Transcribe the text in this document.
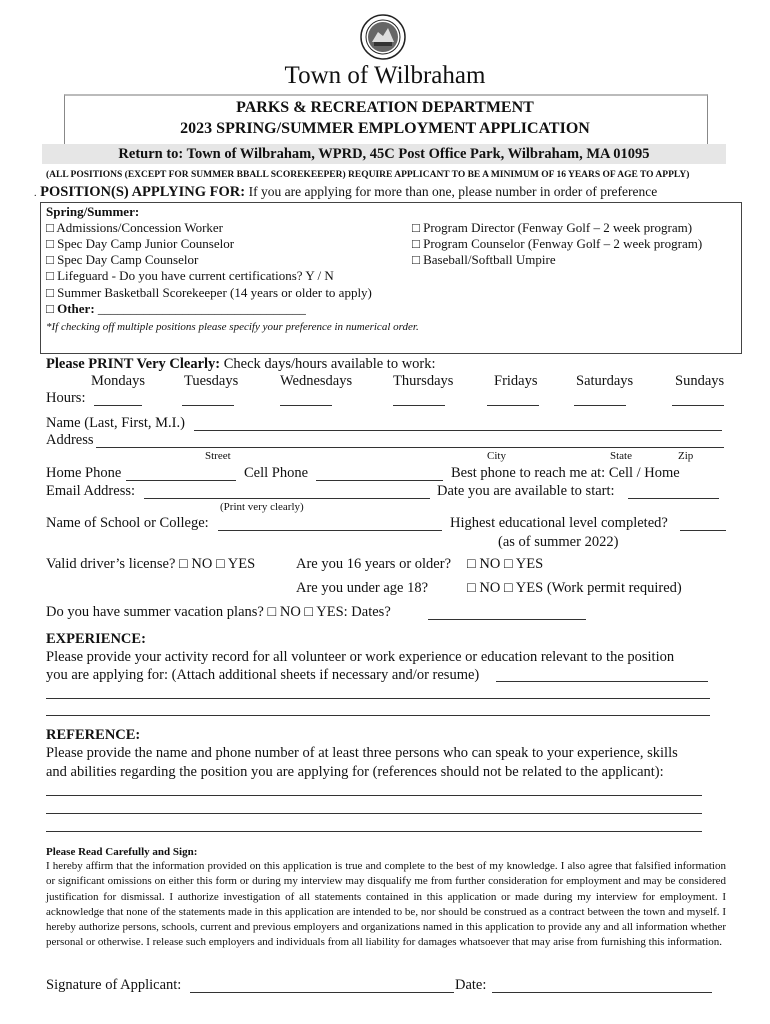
Town of Wilbraham
PARKS & RECREATION DEPARTMENT
2023 SPRING/SUMMER EMPLOYMENT APPLICATION
Return to: Town of Wilbraham, WPRD, 45C Post Office Park, Wilbraham, MA 01095
(ALL POSITIONS (EXCEPT FOR SUMMER BBALL SCOREKEEPER) REQUIRE APPLICANT TO BE A MINIMUM OF 16 YEARS OF AGE TO APPLY)
. POSITION(S) APPLYING FOR: If you are applying for more than one, please number in order of preference
Spring/Summer:
□ Admissions/Concession Worker
□ Spec Day Camp Junior Counselor
□ Spec Day Camp Counselor
□ Lifeguard - Do you have current certifications? Y / N
□ Summer Basketball Scorekeeper (14 years or older to apply)
□ Program Director (Fenway Golf – 2 week program)
□ Program Counselor (Fenway Golf – 2 week program)
□ Baseball/Softball Umpire
□ Other: ________________________________
*If checking off multiple positions please specify your preference in numerical order.
Please PRINT Very Clearly: Check days/hours available to work:
Mondays	Tuesdays	Wednesdays	Thursdays	Fridays	Saturdays	Sundays
Hours:
Name (Last, First, M.I.)
Address
Street	City	State	Zip
Home Phone	Cell Phone	Best phone to reach me at: Cell / Home
Email Address:	Date you are available to start:
(Print very clearly)
Name of School or College:	Highest educational level completed?
(as of summer 2022)
Valid driver’s license? □ NO □ YES	Are you 16 years or older? □ NO □ YES
Are you under age 18?	□ NO □ YES (Work permit required)
Do you have summer vacation plans? □ NO □ YES: Dates?
EXPERIENCE:
Please provide your activity record for all volunteer or work experience or education relevant to the position
you are applying for: (Attach additional sheets if necessary and/or resume)
REFERENCE:
Please provide the name and phone number of at least three persons who can speak to your experience, skills
and abilities regarding the position you are applying for (references should not be related to the applicant):
Please Read Carefully and Sign:
I hereby affirm that the information provided on this application is true and complete to the best of my knowledge. I also agree that falsified information or significant omissions on either this form or during my interview may disqualify me from further consideration for employment and may be considered justification for dismissal. I authorize investigation of all statements contained in this application or made during my interview for employment. I acknowledge that none of the statements made in this application are intended to be, nor should be construed as a contract between the town and myself. I hereby authorize persons, schools, current and previous employers and organizations named in this application to provide any and all information whether personal or otherwise. I release such employers and individuals from all liability for damages whatsoever that may arise from furnishing this information.
Signature of Applicant:	Date:
